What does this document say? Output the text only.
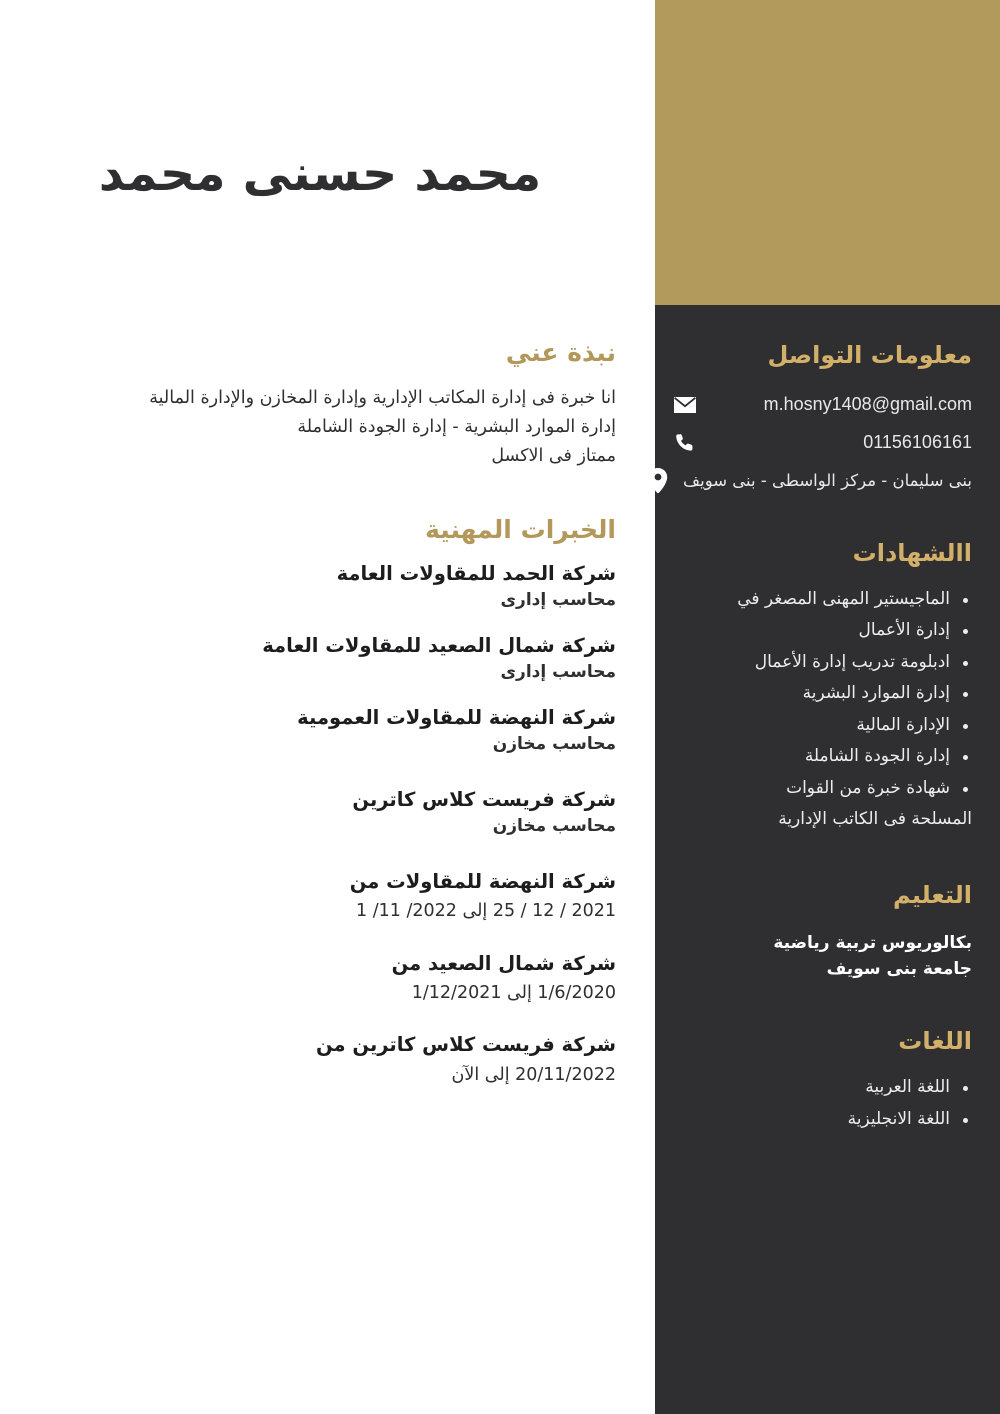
محمد حسنى محمد
نبذة عني
انا خبرة فى إدارة المكاتب الإدارية وإدارة المخازن والإدارة المالية
إدارة الموارد البشرية - إدارة الجودة الشاملة
ممتاز فى الاكسل
الخبرات المهنية

شركة الحمد للمقاولات العامة

محاسب إدارى

شركة شمال الصعيد للمقاولات العامة

محاسب إدارى

شركة النهضة للمقاولات العمومية

محاسب مخازن

شركة فريست كلاس كاترين

محاسب مخازن

شركة النهضة للمقاولات من

2021 / 12 / 25 إلى 2022/ 11/ 1

شركة شمال الصعيد من

1/6/2020 إلى 1/12/2021

شركة فريست كلاس كاترين من

20/11/2022 إلى الآن

معلومات التواصل
m.hosny1408@gmail.com
01156106161
بنى سليمان - مركز الواسطى - بنى سويف
االشهادات
الماجيستير المهنى المصغر في
إدارة الأعمال
ادبلومة تدريب إدارة الأعمال
إدارة الموارد البشرية
الإدارة المالية
إدارة الجودة الشاملة
شهادة خبرة من القوات
المسلحة فى الكاتب الإدارية
التعليم
بكالوريوس تربية رياضية
جامعة بنى سويف
اللغات
اللغة العربية
اللغة الانجليزية
